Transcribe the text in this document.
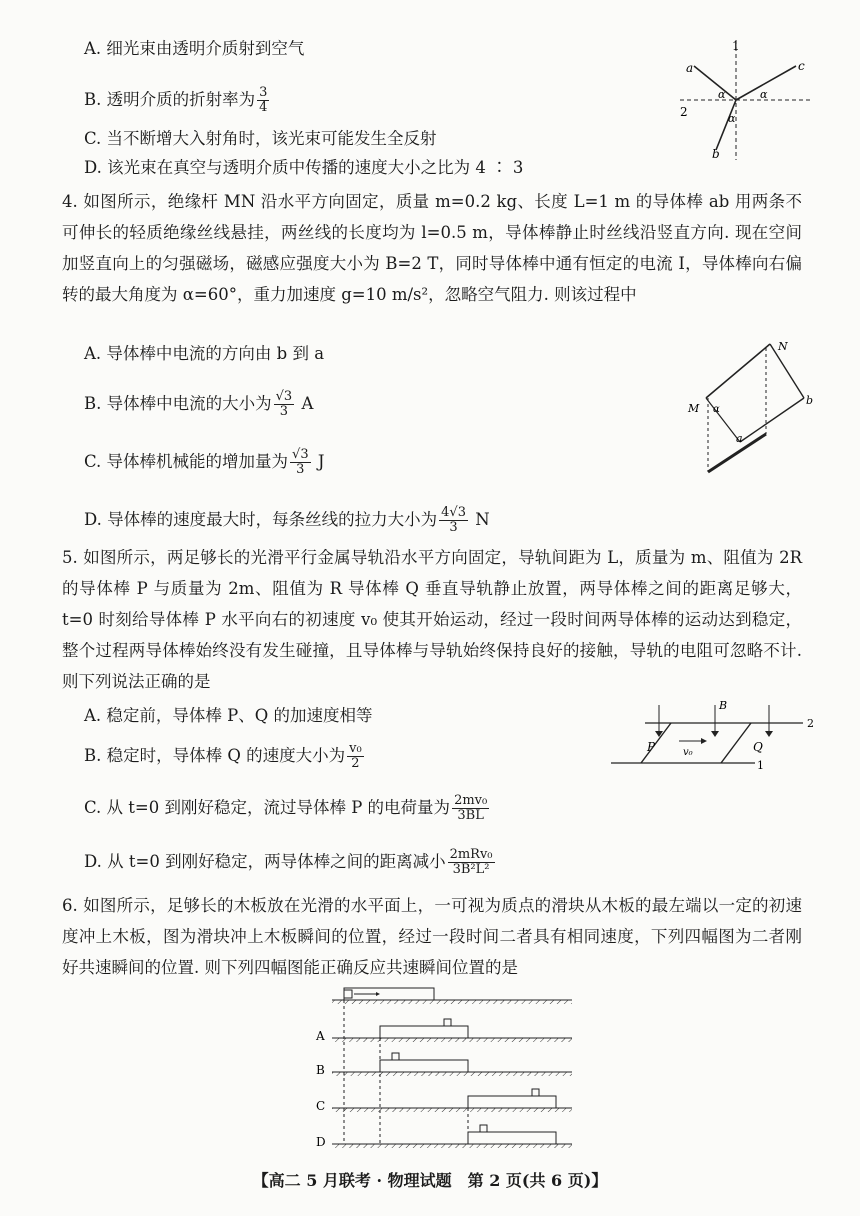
A. 细光束由透明介质射到空气
B. 透明介质的折射率为 $\frac{3}{4}$
C. 当不断增大入射角时，该光束可能发生全反射
D. 该光束在真空与透明介质中传播的速度大小之比为 4 ∶ 3
1
2
a	c
b
α	α
α
4. 如图所示，绝缘杆 MN 沿水平方向固定，质量 m=0.2 kg、长度 L=1 m 的导体棒 ab 用两条不可伸长的轻质绝缘丝线悬挂，两丝线的长度均为 l=0.5 m，导体棒静止时丝线沿竖直方向. 现在空间加竖直向上的匀强磁场，磁感应强度大小为 B=2 T，同时导体棒中通有恒定的电流 I，导体棒向右偏转的最大角度为 α=60°，重力加速度 g=10 m/s²，忽略空气阻力. 则该过程中
A. 导体棒中电流的方向由 b 到 a
B. 导体棒中电流的大小为 $\frac{√3}{3}$ A
C. 导体棒机械能的增加量为 $\frac{√3}{3}$ J
D. 导体棒的速度最大时，每条丝线的拉力大小为 $\frac{4√3}{3}$ N
N
M
b
a
α
5. 如图所示，两足够长的光滑平行金属导轨沿水平方向固定，导轨间距为 L，质量为 m、阻值为 2R 的导体棒 P 与质量为 2m、阻值为 R 导体棒 Q 垂直导轨静止放置，两导体棒之间的距离足够大，t=0 时刻给导体棒 P 水平向右的初速度 v₀ 使其开始运动，经过一段时间两导体棒的运动达到稳定，整个过程两导体棒始终没有发生碰撞，且导体棒与导轨始终保持良好的接触，导轨的电阻可忽略不计. 则下列说法正确的是
A. 稳定前，导体棒 P、Q 的加速度相等
B. 稳定时，导体棒 Q 的速度大小为 $\frac{\text{v₀}}{2}$
C. 从 t=0 到刚好稳定，流过导体棒 P 的电荷量为 $\frac{\text{2mv₀}}{3BL}$
D. 从 t=0 到刚好稳定，两导体棒之间的距离减小 $\frac{\text{2mRv₀}}{\text{3B²L²}}$
B
P	Q
v₀
1
2
6. 如图所示，足够长的木板放在光滑的水平面上，一可视为质点的滑块从木板的最左端以一定的初速度冲上木板，图为滑块冲上木板瞬间的位置，经过一段时间二者具有相同速度，下列四幅图为二者刚好共速瞬间的位置. 则下列四幅图能正确反应共速瞬间位置的是
A
B
C
D
【高二 5 月联考 · 物理试题　第 2 页(共 6 页)】
